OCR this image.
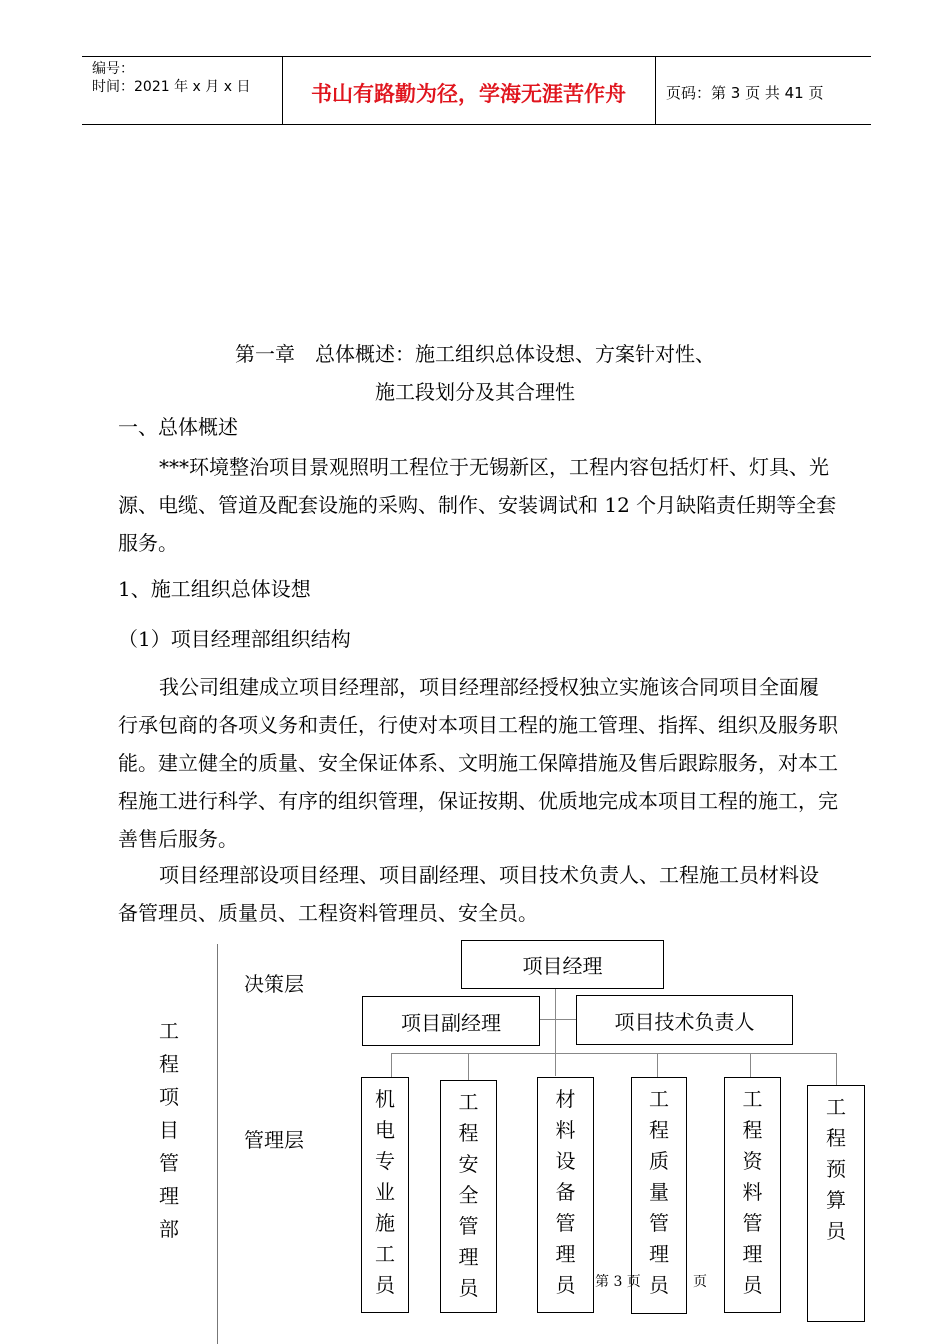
编号：
时间：2021 年 x 月 x 日	书山有路勤为径，学海无涯苦作舟	页码：第 3 页 共 41 页
第一章　总体概述：施工组织总体设想、方案针对性、
施工段划分及其合理性
一、总体概述
***环境整治项目景观照明工程位于无锡新区，工程内容包括灯杆、灯具、光源、电缆、管道及配套设施的采购、制作、安装调试和 12 个月缺陷责任期等全套服务。
1、施工组织总体设想
（1）项目经理部组织结构
我公司组建成立项目经理部，项目经理部经授权独立实施该合同项目全面履行承包商的各项义务和责任，行使对本项目工程的施工管理、指挥、组织及服务职能。建立健全的质量、安全保证体系、文明施工保障措施及售后跟踪服务，对本工程施工进行科学、有序的组织管理，保证按期、优质地完成本项目工程的施工，完善售后服务。
项目经理部设项目经理、项目副经理、项目技术负责人、工程施工员材料设备管理员、质量员、工程资料管理员、安全员。
工
程
项
目
管
理
部
决策层
管理层
项目经理
项目副经理	项目技术负责人
机
电
专
业
施
工
员
工
程
安
全
管
理
员
材
料
设
备
管
理
员
工
程
质
量
管
理
员
工
程
资
料
管
理
员
工
程
预
算
员
第 3 页	页
